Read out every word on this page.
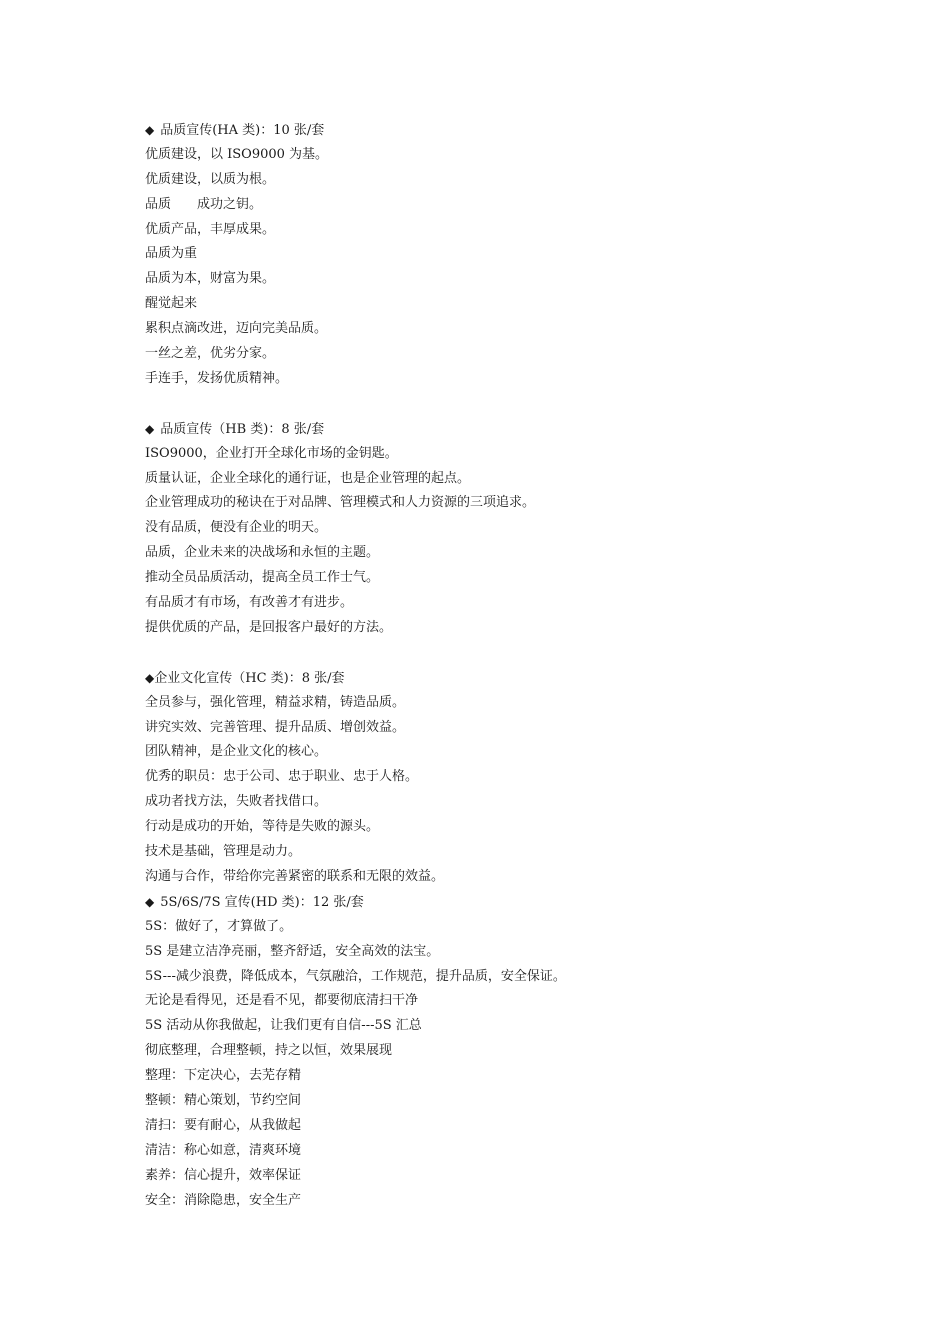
◆ 品质宣传(HA 类)：10 张/套
优质建设，以 ISO9000 为基。
优质建设，以质为根。
品质　　成功之钥。
优质产品，丰厚成果。
品质为重
品质为本，财富为果。
醒觉起来
累积点滴改进，迈向完美品质。
一丝之差，优劣分家。
手连手，发扬优质精神。
◆ 品质宣传（HB 类)：8 张/套
ISO9000，企业打开全球化市场的金钥匙。
质量认证，企业全球化的通行证，也是企业管理的起点。
企业管理成功的秘诀在于对品牌、管理模式和人力资源的三项追求。
没有品质，便没有企业的明天。
品质，企业未来的决战场和永恒的主题。
推动全员品质活动，提高全员工作士气。
有品质才有市场，有改善才有进步。
提供优质的产品，是回报客户最好的方法。
◆企业文化宣传（HC 类)：8 张/套
全员参与，强化管理，精益求精，铸造品质。
讲究实效、完善管理、提升品质、增创效益。
团队精神，是企业文化的核心。
优秀的职员：忠于公司、忠于职业、忠于人格。
成功者找方法，失败者找借口。
行动是成功的开始，等待是失败的源头。
技术是基础，管理是动力。
沟通与合作，带给你完善紧密的联系和无限的效益。
◆ 5S/6S/7S 宣传(HD 类)：12 张/套
5S：做好了，才算做了。
5S 是建立洁净亮丽，整齐舒适，安全高效的法宝。
5S---减少浪费，降低成本，气氛融洽，工作规范，提升品质，安全保证。
无论是看得见，还是看不见，都要彻底清扫干净
5S 活动从你我做起，让我们更有自信---5S 汇总
彻底整理，合理整顿，持之以恒，效果展现
整理：下定决心，去芜存精
整顿：精心策划，节约空间
清扫：要有耐心，从我做起
清洁：称心如意，清爽环境
素养：信心提升，效率保证
安全：消除隐患，安全生产
